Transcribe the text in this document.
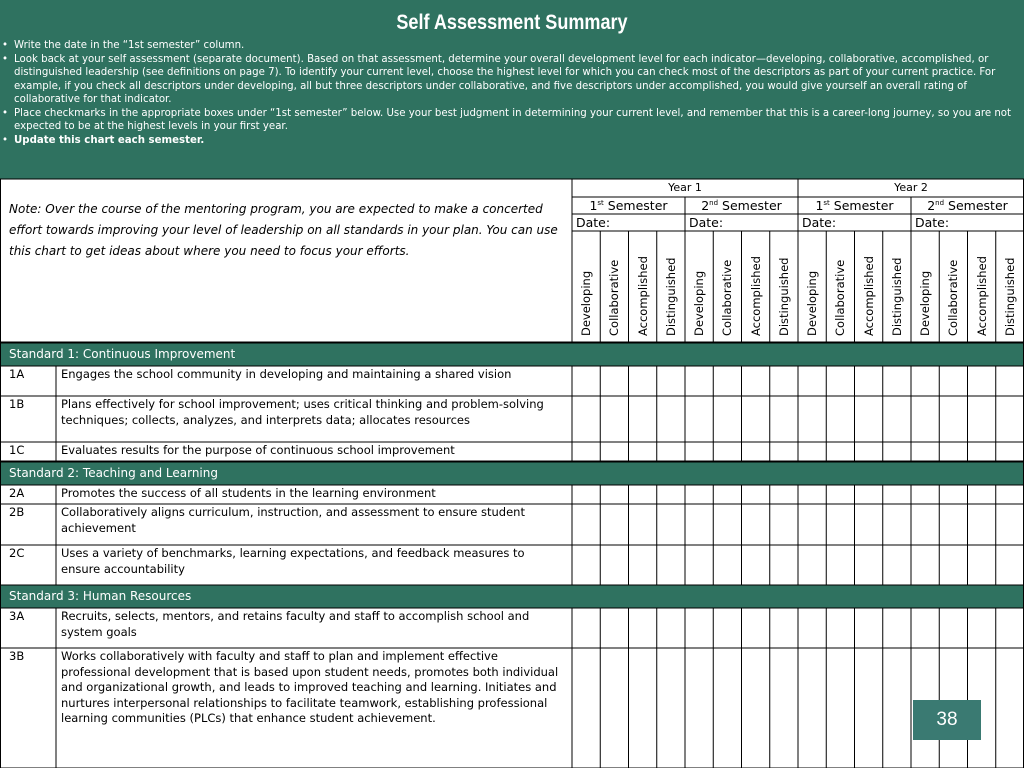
Self Assessment Summary
• Write the date in the “1st semester” column.
• Look back at your self assessment (separate document). Based on that assessment, determine your overall development level for each indicator—developing, collaborative, accomplished, or distinguished leadership (see definitions on page 7). To identify your current level, choose the highest level for which you can check most of the descriptors as part of your current practice. For example, if you check all descriptors under developing, all but three descriptors under collaborative, and five descriptors under accomplished, you would give yourself an overall rating of collaborative for that indicator.
• Place checkmarks in the appropriate boxes under “1st semester” below. Use your best judgment in determining your current level, and remember that this is a career-long journey, so you are not expected to be at the highest levels in your first year.
• Update this chart each semester.
Note: Over the course of the mentoring program, you are expected to make a concerted effort towards improving your level of leadership on all standards in your plan. You can use this chart to get ideas about where you need to focus your efforts.
Year 1	Year 2
1st Semester	2nd Semester	1st Semester	2nd Semester
Date:	Date:	Date:	Date:
Developing Collaborative Accomplished Distinguished Developing Collaborative Accomplished Distinguished Developing Collaborative Accomplished Distinguished Developing Collaborative Accomplished Distinguished
Standard 1: Continuous Improvement
1A	Engages the school community in developing and maintaining a shared vision
1B	Plans effectively for school improvement; uses critical thinking and problem-solving techniques; collects, analyzes, and interprets data; allocates resources
1C	Evaluates results for the purpose of continuous school improvement
Standard 2: Teaching and Learning
2A	Promotes the success of all students in the learning environment
2B	Collaboratively aligns curriculum, instruction, and assessment to ensure student achievement
2C	Uses a variety of benchmarks, learning expectations, and feedback measures to ensure accountability
Standard 3: Human Resources
3A	Recruits, selects, mentors, and retains faculty and staff to accomplish school and system goals
3B	Works collaboratively with faculty and staff to plan and implement effective professional development that is based upon student needs, promotes both individual and organizational growth, and leads to improved teaching and learning. Initiates and nurtures interpersonal relationships to facilitate teamwork, establishing professional learning communities (PLCs) that enhance student achievement.	38
